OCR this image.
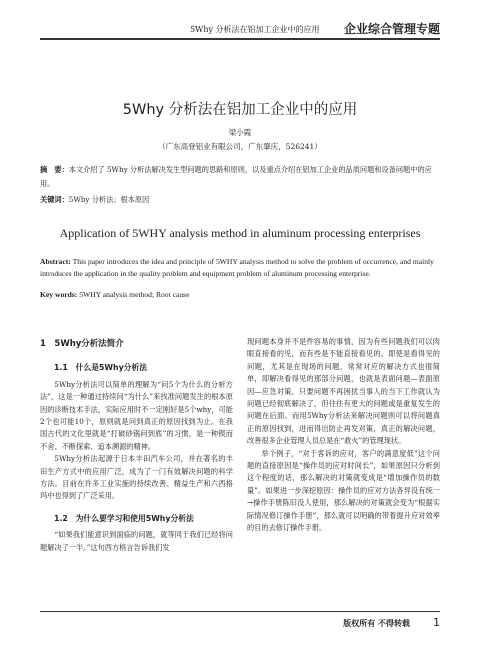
5Why 分析法在铝加工企业中的应用 企业综合管理专题
5Why 分析法在铝加工企业中的应用
梁小霞
（广东高登铝业有限公司，广东肇庆，526241）
摘　要：本文介绍了 5Why 分析法解决发生型问题的思路和原则，以及重点介绍在铝加工企业的品质问题和设备问题中的应用。
关键词：5Why 分析法；根本原因
Application of 5WHY analysis method in aluminum processing enterprises
Abstract: This paper introduces the idea and principle of 5WHY analysis method to solve the problem of occurrence, and mainly introduces the application in the quality problem and equipment problem of aluminum processing enterprise.
Key words: 5WHY analysis method; Root cause
1　5Why分析法简介
1.1　什么是5Why分析法

5Why分析法可以简单的理解为“问5个为什么的分析方法”，这是一种通过持续问“为什么”来找准问题发生的根本原因的诊断技术手法，实际应用时不一定刚好是5个why，可能2个也可能10个，原则就是问到真正的原因找到为止。在我国古代的文化里就是“打破砂锅问到底”的习惯，是一种锲而不舍、不断探索、追本溯源的精神。

5Why分析法起源于日本丰田汽车公司，并在著名的丰田生产方式中的应用广泛，成为了一门有效解决问题的科学方法。目前在许多工业实施的持续改善、精益生产和六西格玛中也得到了广泛采用。

1.2　为什么要学习和使用5Why分析法

“如果我们能意识到面临的问题，就等同于我们已经将问题解决了一半。”这句西方格言告诉我们发

现问题本身并不是件容易的事情，因为有些问题我们可以肉眼直接看的见，而有些是不能直接看见的。即使是看得见的问题，尤其是在现场的问题，常常对应的解决方式也很简单，即解决看得见的那部分问题，也就是表面问题—表面原因—应急对策，只要问题不再困扰当事人的当下工作就认为问题已经彻底解决了，但往往有更大的问题或是重复发生的问题在后面。而用5Why分析法来解决问题则可以将问题真正的原因找到，进而得出防止再发对策，真正的解决问题，改善很多企业管理人员总是在“救火”的管理现状。

举个例子，“对于客诉的应对，客户的满意度低”这个问题的直接原因是“操作员的应对时间长”，如果原因只分析到这个程度的话，那么解决的对策就变成是“增加操作员的数量”。如果进一步深挖原因：操作员的应对方法各异没有统一→操作手册陈旧没人使用，那么解决的对策就会变为“根据实际情况修订操作手册”，那么就可以明确的带着提升应对效率的目的去修订操作手册。

版权所有 不得转载 1
